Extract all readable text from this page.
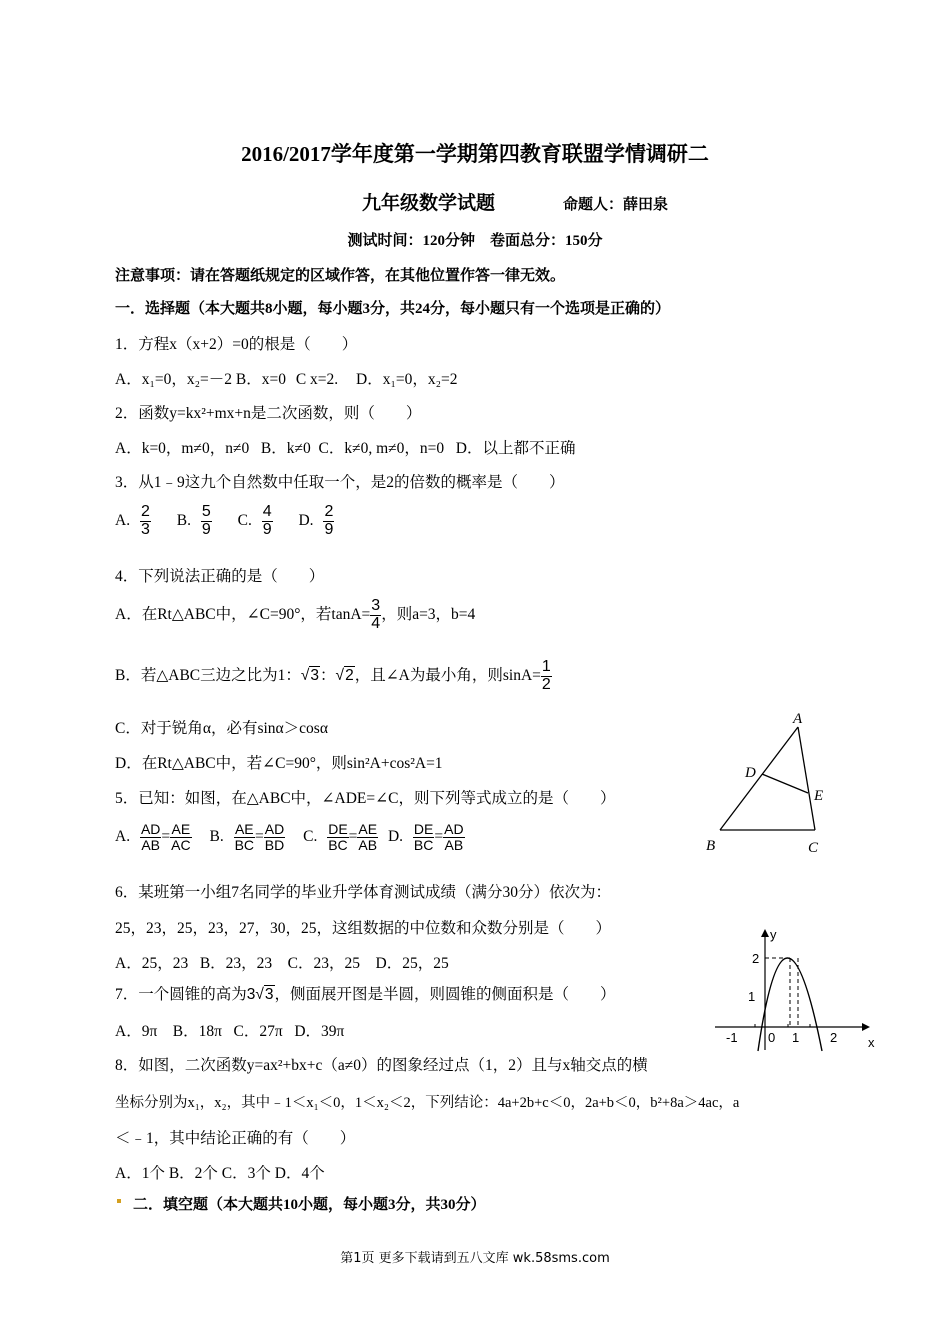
2016/2017学年度第一学期第四教育联盟学情调研二
九年级数学试题	命题人：薛田泉
测试时间：120分钟    卷面总分：150分
注意事项：请在答题纸规定的区域作答，在其他位置作答一律无效。
一．选择题（本大题共8小题，每小题3分，共24分，每小题只有一个选项是正确的）
1．方程x（x+2）=0的根是（　　）
A．x₁=0，x₂=－2 B．x=0 C x=2. D．x₁=0，x₂=2
2．函数y=kx²+mx+n是二次函数，则（　　）
A．k=0，m≠0，n≠0   B．k≠0  C．k≠0, m≠0，n=0   D．以上都不正确
3．从1﹣9这九个自然数中任取一个，是2的倍数的概率是（　　）
A. $\frac{2}{3} B$. $\frac{5}{9} C$. $\frac{4}{9} D$. $\frac{2}{9}$
4．下列说法正确的是（　　）
A．在Rt△ABC中，∠C=90°，若$\tan A= \frac{3}{4}$ ，则a=3，b=4
B．若△ABC三边之比为1：√3：√2，且∠A为最小角，则$\sin A= \frac{1}{2}$
C．对于锐角α，必有sinα＞cosα
D．在Rt△ABC中，若∠C=90°，则sin²A+cos²A=1
5．已知：如图，在△ABC中，∠ADE=∠C，则下列等式成立的是（　　）
A. $\frac{AD}{AB} = \frac{AE}{AC} B$. $\frac{AE}{BC} = \frac{AD}{BD} C$. $\frac{DE}{BC} = \frac{AE}{AB} D$. $\frac{DE}{BC} = \frac{AD}{AB}$
A
D
E
B	C
6．某班第一小组7名同学的毕业升学体育测试成绩（满分30分）依次为：
25，23，25，23，27，30，25，这组数据的中位数和众数分别是（　　）
A．25，23   B．23，23    C．23，25    D．25，25
7．一个圆锥的高为3√3，侧面展开图是半圆，则圆锥的侧面积是（　　）
A．9π    B．18π   C．27π   D．39π
y
x
2
1
0
-1	1 2
8．如图，二次函数y=ax²+bx+c（a≠0）的图象经过点（1，2）且与x轴交点的横
坐标分别为x₁，x₂，其中﹣1＜x₁＜0，1＜x₂＜2，下列结论：4a+2b+c＜0，2a+b＜0，b²+8a＞4ac，a
＜﹣1，其中结论正确的有（　　）
A．1个 B．2个 C．3个 D．4个
二．填空题（本大题共10小题，每小题3分，共30分）
第1页 更多下载请到五八文库 wk.58sms.com
